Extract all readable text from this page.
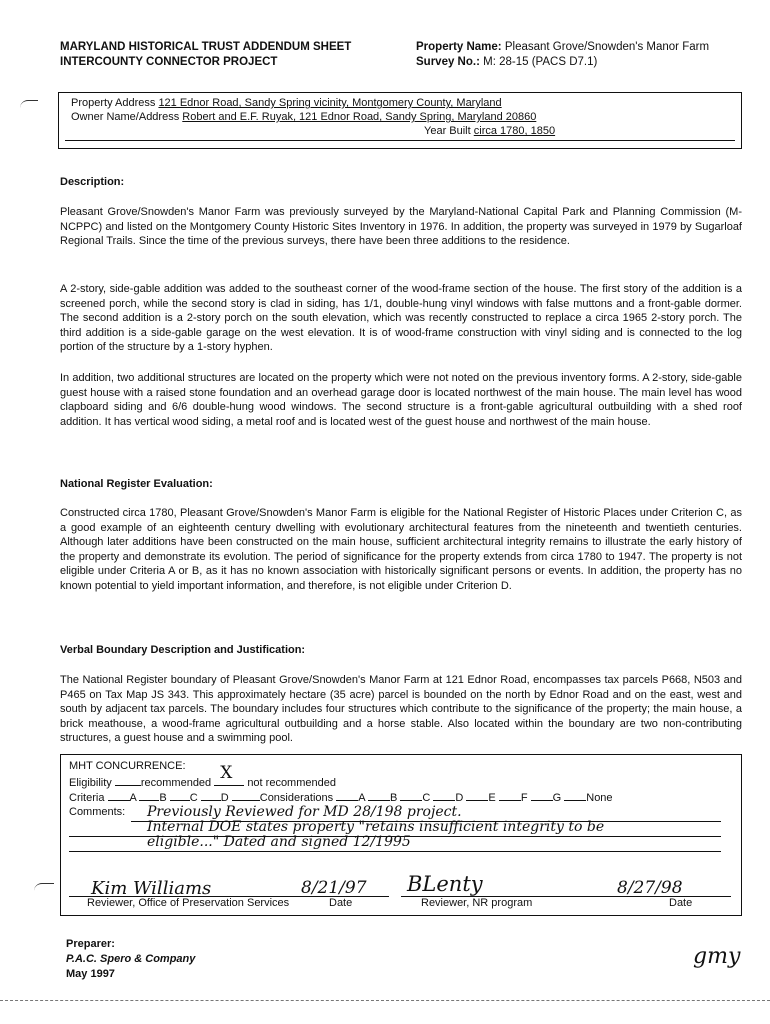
MARYLAND HISTORICAL TRUST ADDENDUM SHEET
INTERCOUNTY CONNECTOR PROJECT
Property Name: Pleasant Grove/Snowden's Manor Farm
Survey No.: M: 28-15 (PACS D7.1)
Property Address 121 Ednor Road, Sandy Spring vicinity, Montgomery County, Maryland
Owner Name/Address Robert and E.F. Ruyak, 121 Ednor Road, Sandy Spring, Maryland 20860
Year Built circa 1780, 1850
Description:
Pleasant Grove/Snowden's Manor Farm was previously surveyed by the Maryland-National Capital Park and Planning Commission (M-NCPPC) and listed on the Montgomery County Historic Sites Inventory in 1976. In addition, the property was surveyed in 1979 by Sugarloaf Regional Trails. Since the time of the previous surveys, there have been three additions to the residence.
A 2-story, side-gable addition was added to the southeast corner of the wood-frame section of the house. The first story of the addition is a screened porch, while the second story is clad in siding, has 1/1, double-hung vinyl windows with false muttons and a front-gable dormer. The second addition is a 2-story porch on the south elevation, which was recently constructed to replace a circa 1965 2-story porch. The third addition is a side-gable garage on the west elevation. It is of wood-frame construction with vinyl siding and is connected to the log portion of the structure by a 1-story hyphen.
In addition, two additional structures are located on the property which were not noted on the previous inventory forms. A 2-story, side-gable guest house with a raised stone foundation and an overhead garage door is located northwest of the main house. The main level has wood clapboard siding and 6/6 double-hung wood windows. The second structure is a front-gable agricultural outbuilding with a shed roof addition. It has vertical wood siding, a metal roof and is located west of the guest house and northwest of the main house.
National Register Evaluation:
Constructed circa 1780, Pleasant Grove/Snowden's Manor Farm is eligible for the National Register of Historic Places under Criterion C, as a good example of an eighteenth century dwelling with evolutionary architectural features from the nineteenth and twentieth centuries. Although later additions have been constructed on the main house, sufficient architectural integrity remains to illustrate the early history of the property and demonstrate its evolution. The period of significance for the property extends from circa 1780 to 1947. The property is not eligible under Criteria A or B, as it has no known association with historically significant persons or events. In addition, the property has no known potential to yield important information, and therefore, is not eligible under Criterion D.
Verbal Boundary Description and Justification:
The National Register boundary of Pleasant Grove/Snowden's Manor Farm at 121 Ednor Road, encompasses tax parcels P668, N503 and P465 on Tax Map JS 343. This approximately hectare (35 acre) parcel is bounded on the north by Ednor Road and on the east, west and south by adjacent tax parcels. The boundary includes four structures which contribute to the significance of the property; the main house, a brick meathouse, a wood-frame agricultural outbuilding and a horse stable. Also located within the boundary are two non-contributing structures, a guest house and a swimming pool.
MHT CONCURRENCE:
Eligibility	recommended X not recommended
Criteria A B C D	Considerations A B C D E F G None
Comments: Previously Reviewed for MD 28/198 project.
Internal DOE states property "retains insufficient integrity to be
eligible..." Dated and signed 12/1995
Kim Williams	8/21/97 BLenty	8/27/98
Reviewer, Office of Preservation Services	Date	Reviewer, NR program	Date
Preparer:
P.A.C. Spero & Company
May 1997
gmy
